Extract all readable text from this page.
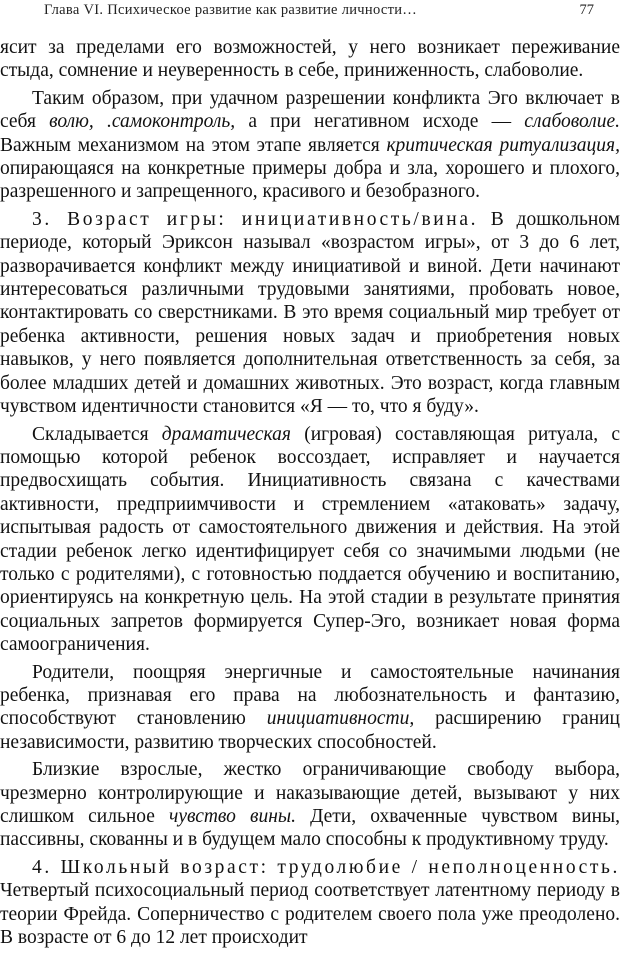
Глава VI. Психическое развитие как развитие личности…	77

ясит за пределами его возможностей, у него возникает переживание стыда, сомнение и неуверенность в себе, приниженность, слабоволие.

Таким образом, при удачном разрешении конфликта Эго включает в себя волю, .самоконтроль, а при негативном исходе — слабоволие. Важным механизмом на этом этапе является критическая ритуализация, опирающаяся на конкретные примеры добра и зла, хорошего и плохого, разрешенного и запрещенного, красивого и безобразного.

3. Возраст игры: инициативность/вина. В дошкольном периоде, который Эриксон называл «возрастом игры», от 3 до 6 лет, разворачивается конфликт между инициативой и виной. Дети начинают интересоваться различными трудовыми занятиями, пробовать новое, контактировать со сверстниками. В это время социальный мир требует от ребенка активности, решения новых задач и приобретения новых навыков, у него появляется дополнительная ответственность за себя, за более младших детей и домашних животных. Это возраст, когда главным чувством идентичности становится «Я — то, что я буду».

Складывается драматическая (игровая) составляющая ритуала, с помощью которой ребенок воссоздает, исправляет и научается предвосхищать события. Инициативность связана с качествами активности, предприимчивости и стремлением «атаковать» задачу, испытывая радость от самостоятельного движения и действия. На этой стадии ребенок легко идентифицирует себя со значимыми людьми (не только с родителями), с готовностью поддается обучению и воспитанию, ориентируясь на конкретную цель. На этой стадии в результате принятия социальных запретов формируется Супер-Эго, возникает новая форма самоограничения.

Родители, поощряя энергичные и самостоятельные начинания ребенка, признавая его права на любознательность и фантазию, способствуют становлению инициативности, расширению границ независимости, развитию творческих способностей.

Близкие взрослые, жестко ограничивающие свободу выбора, чрезмерно контролирующие и наказывающие детей, вызывают у них слишком сильное чувство вины. Дети, охваченные чувством вины, пассивны, скованны и в будущем мало способны к продуктивному труду.

4. Школьный возраст: трудолюбие / неполноценность. Четвертый психосоциальный период соответствует латентному периоду в теории Фрейда. Соперничество с родителем своего пола уже преодолено. В возрасте от 6 до 12 лет происходит
